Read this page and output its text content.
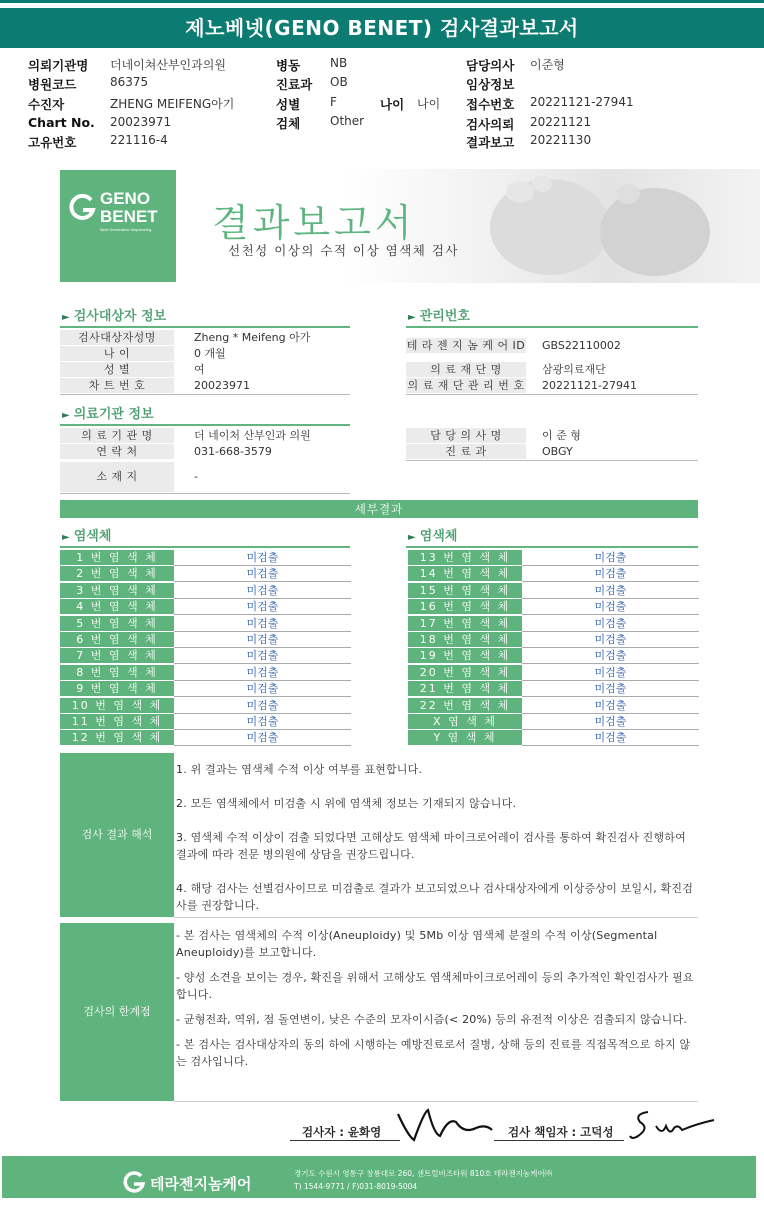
제노베넷(GENO BENET) 검사결과보고서
의뢰기관명 더네이쳐산부인과의원
병원코드	86375
수진자	ZHENG MEIFENG아기
Chart No. 20023971
고유번호	221116-4
병동 NB
진료과 OB
성별 F	나이 나이
검체 Other
담당의사 이준형
임상정보
접수번호 20221121-27941
검사의뢰 20221121
결과보고 20221130
GENO
BENET
Next Generation Sequencing 결과보고서
선천성 이상의 수적 이상 염색체 검사
► 검사대상자 정보
검사대상자성명	Zheng * Meifeng 아가
나 이	0 개월
성 별	여
차 트 번 호	20023971
► 관리번호
테 라 젠 지 놈 케 어 ID GBS22110002
의 료 재 단 명	삼광의료재단
의 료 재 단 관 리 번 호 20221121-27941
► 의료기관 정보
의 료 기 관 명	더 네이처 산부인과 의원
연 락 처	031-668-3579
소 재 지	-
담 당 의 사 명	이 준 형
진 료 과	OBGY
세부결과
► 염색체	► 염색체
1 번 염 색 체	미검출
2 번 염 색 체	미검출
3 번 염 색 체	미검출
4 번 염 색 체	미검출
5 번 염 색 체	미검출
6 번 염 색 체	미검출
7 번 염 색 체	미검출
8 번 염 색 체	미검출
9 번 염 색 체	미검출
10 번 염 색 체	미검출
11 번 염 색 체	미검출
12 번 염 색 체	미검출
13 번 염 색 체	미검출
14 번 염 색 체	미검출
15 번 염 색 체	미검출
16 번 염 색 체	미검출
17 번 염 색 체	미검출
18 번 염 색 체	미검출
19 번 염 색 체	미검출
20 번 염 색 체	미검출
21 번 염 색 체	미검출
22 번 염 색 체	미검출
X 염 색 체	미검출
Y 염 색 체	미검출
검사 결과 해석

1. 위 결과는 염색체 수적 이상 여부를 표현합니다.

2. 모든 염색체에서 미검출 시 위에 염색체 정보는 기재되지 않습니다.

3. 염색체 수적 이상이 검출 되었다면 고해상도 염색체 마이크로어레이 검사를 통하여 확진검사 진행하여 결과에 따라 전문 병의원에 상담을 권장드립니다.

4. 해당 검사는 선별검사이므로 미검출로 결과가 보고되었으나 검사대상자에게 이상증상이 보일시, 확진검사를 권장합니다.

검사의 한계점

- 본 검사는 염색체의 수적 이상(Aneuploidy) 및 5Mb 이상 염색체 분절의 수적 이상(Segmental Aneuploidy)를 보고합니다.

- 양성 소견을 보이는 경우, 확진을 위해서 고해상도 염색체마이크로어레이 등의 추가적인 확인검사가 필요합니다.

- 균형전좌, 역위, 점 돌연변이, 낮은 수준의 모자이시즘(< 20%) 등의 유전적 이상은 검출되지 않습니다.

- 본 검사는 검사대상자의 동의 하에 시행하는 예방진료로서 질병, 상해 등의 진료를 직접목적으로 하지 않는 검사입니다.

검사자 : 윤화영	검사 책임자 : 고덕성
테라젠지놈케어
경기도 수원시 영통구 창룡대로 260, 센트럴비즈타워 810호 테라젠지놈케어㈜
T) 1544-9771 / F)031-8019-5004
